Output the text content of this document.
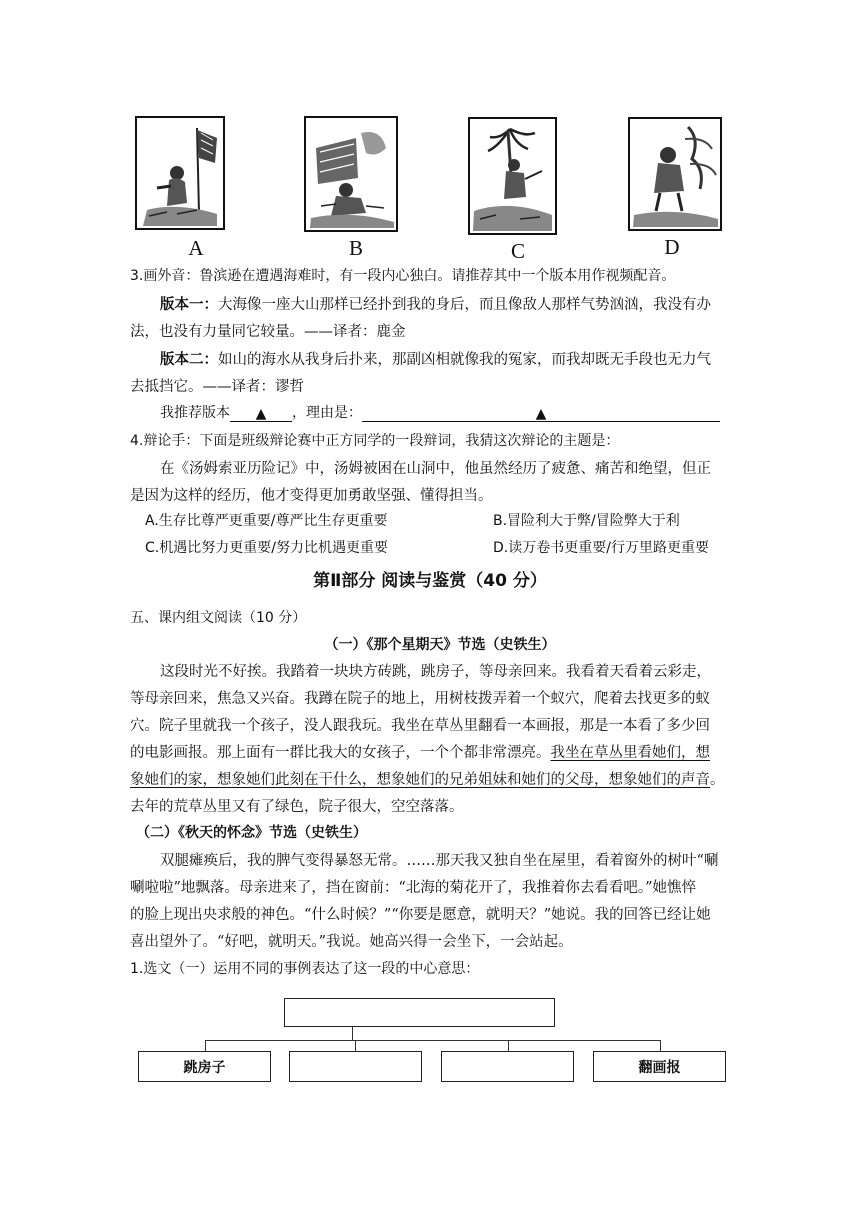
A	B	C	D
3.画外音：鲁滨逊在遭遇海难时，有一段内心独白。请推荐其中一个版本用作视频配音。
版本一：大海像一座大山那样已经扑到我的身后，而且像敌人那样气势汹汹，我没有办
法，也没有力量同它较量。——译者：鹿金
版本二：如山的海水从我身后扑来，那副凶相就像我的冤家，而我却既无手段也无力气
去抵挡它。——译者：谬哲
我推荐版本 ▲ ，理由是：	▲
4.辩论手：下面是班级辩论赛中正方同学的一段辩词，我猜这次辩论的主题是：
在《汤姆索亚历险记》中，汤姆被困在山洞中，他虽然经历了疲惫、痛苦和绝望，但正
是因为这样的经历，他才变得更加勇敢坚强、懂得担当。
A.生存比尊严更重要/尊严比生存更重要	B.冒险利大于弊/冒险弊大于利
C.机遇比努力更重要/努力比机遇更重要	D.读万卷书更重要/行万里路更重要
第Ⅱ部分 阅读与鉴赏（40 分）
五、课内组文阅读（10 分）
（一）《那个星期天》节选（史铁生）
这段时光不好挨。我踏着一块块方砖跳，跳房子，等母亲回来。我看着天看着云彩走，
等母亲回来，焦急又兴奋。我蹲在院子的地上，用树枝拨弄着一个蚁穴，爬着去找更多的蚁
穴。院子里就我一个孩子，没人跟我玩。我坐在草丛里翻看一本画报，那是一本看了多少回
的电影画报。那上面有一群比我大的女孩子，一个个都非常漂亮。我坐在草丛里看她们，想
象她们的家，想象她们此刻在干什么，想象她们的兄弟姐妹和她们的父母，想象她们的声音。
去年的荒草丛里又有了绿色，院子很大，空空落落。
（二）《秋天的怀念》节选（史铁生）
双腿瘫痪后，我的脾气变得暴怒无常。……那天我又独自坐在屋里，看着窗外的树叶“唰
唰啦啦”地飘落。母亲进来了，挡在窗前：“北海的菊花开了，我推着你去看看吧。”她憔悴
的脸上现出央求般的神色。“什么时候？”“你要是愿意，就明天？”她说。我的回答已经让她
喜出望外了。“好吧，就明天。”我说。她高兴得一会坐下，一会站起。
1.选文（一）运用不同的事例表达了这一段的中心意思：
跳房子	翻画报
